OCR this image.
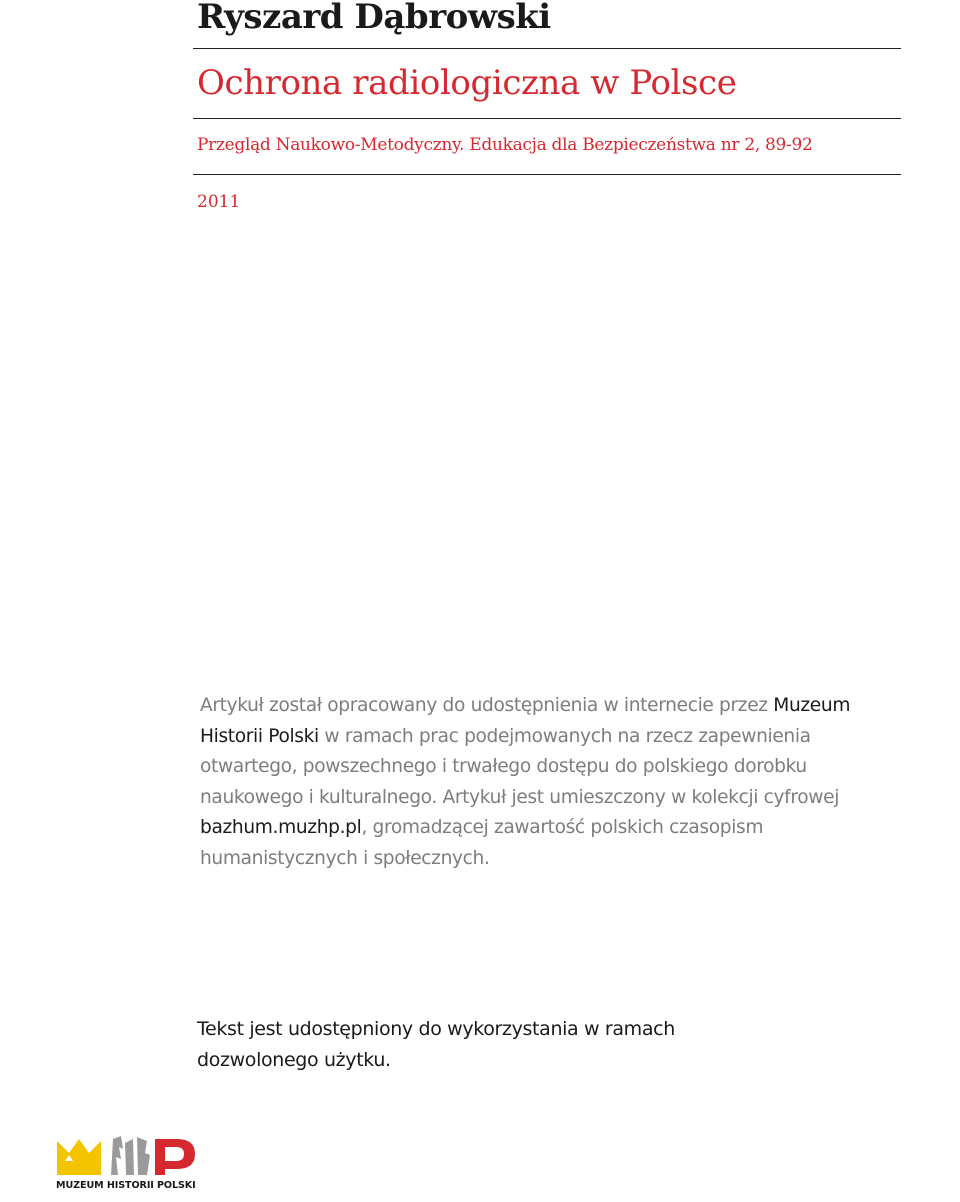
Ryszard Dąbrowski
Ochrona radiologiczna w Polsce
Przegląd Naukowo-Metodyczny. Edukacja dla Bezpieczeństwa nr 2, 89-92
2011

Artykuł został opracowany do udostępnienia w internecie przez Muzeum Historii Polski w ramach prac podejmowanych na rzecz zapewnienia otwartego, powszechnego i trwałego dostępu do polskiego dorobku naukowego i kulturalnego. Artykuł jest umieszczony w kolekcji cyfrowej bazhum.muzhp.pl, gromadzącej zawartość polskich czasopism humanistycznych i społecznych.

Tekst jest udostępniony do wykorzystania w ramach dozwolonego użytku.

MUZEUM HISTORII POLSKI
